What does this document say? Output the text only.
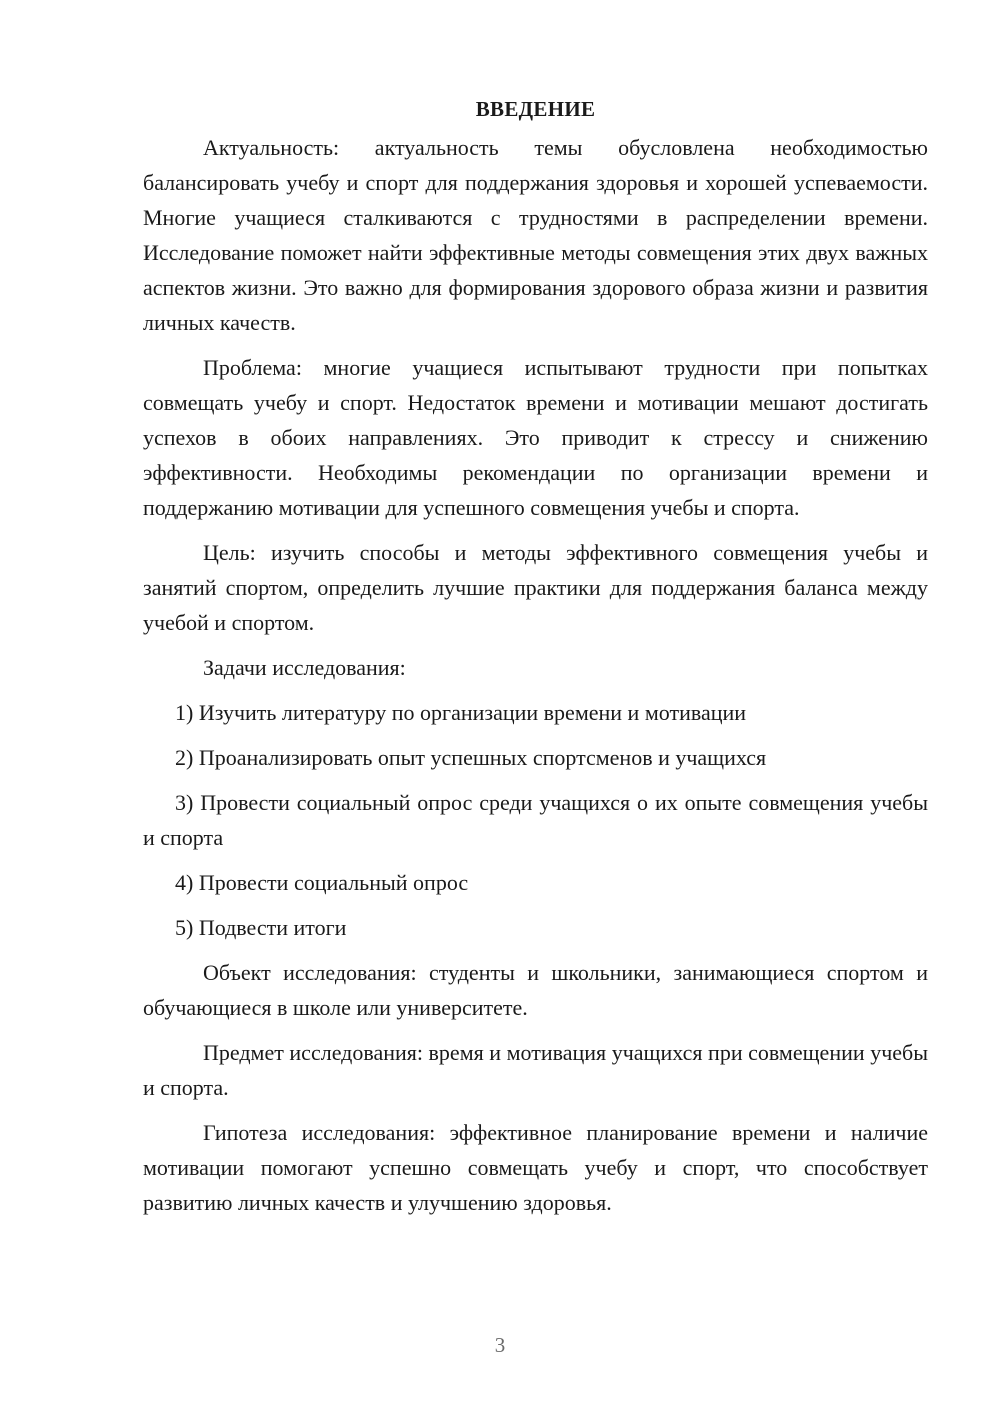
ВВЕДЕНИЕ

Актуальность: актуальность темы обусловлена необходимостью балансировать учебу и спорт для поддержания здоровья и хорошей успеваемости. Многие учащиеся сталкиваются с трудностями в распределении времени. Исследование поможет найти эффективные методы совмещения этих двух важных аспектов жизни. Это важно для формирования здорового образа жизни и развития личных качеств.

Проблема: многие учащиеся испытывают трудности при попытках совмещать учебу и спорт. Недостаток времени и мотивации мешают достигать успехов в обоих направлениях. Это приводит к стрессу и снижению эффективности. Необходимы рекомендации по организации времени и поддержанию мотивации для успешного совмещения учебы и спорта.

Цель: изучить способы и методы эффективного совмещения учебы и занятий спортом, определить лучшие практики для поддержания баланса между учебой и спортом.

Задачи исследования:

1) Изучить литературу по организации времени и мотивации

2) Проанализировать опыт успешных спортсменов и учащихся

3) Провести социальный опрос среди учащихся о их опыте совмещения учебы и спорта

4) Провести социальный опрос

5) Подвести итоги

Объект исследования: студенты и школьники, занимающиеся спортом и обучающиеся в школе или университете.

Предмет исследования: время и мотивация учащихся при совмещении учебы и спорта.

Гипотеза исследования: эффективное планирование времени и наличие мотивации помогают успешно совмещать учебу и спорт, что способствует развитию личных качеств и улучшению здоровья.

3
